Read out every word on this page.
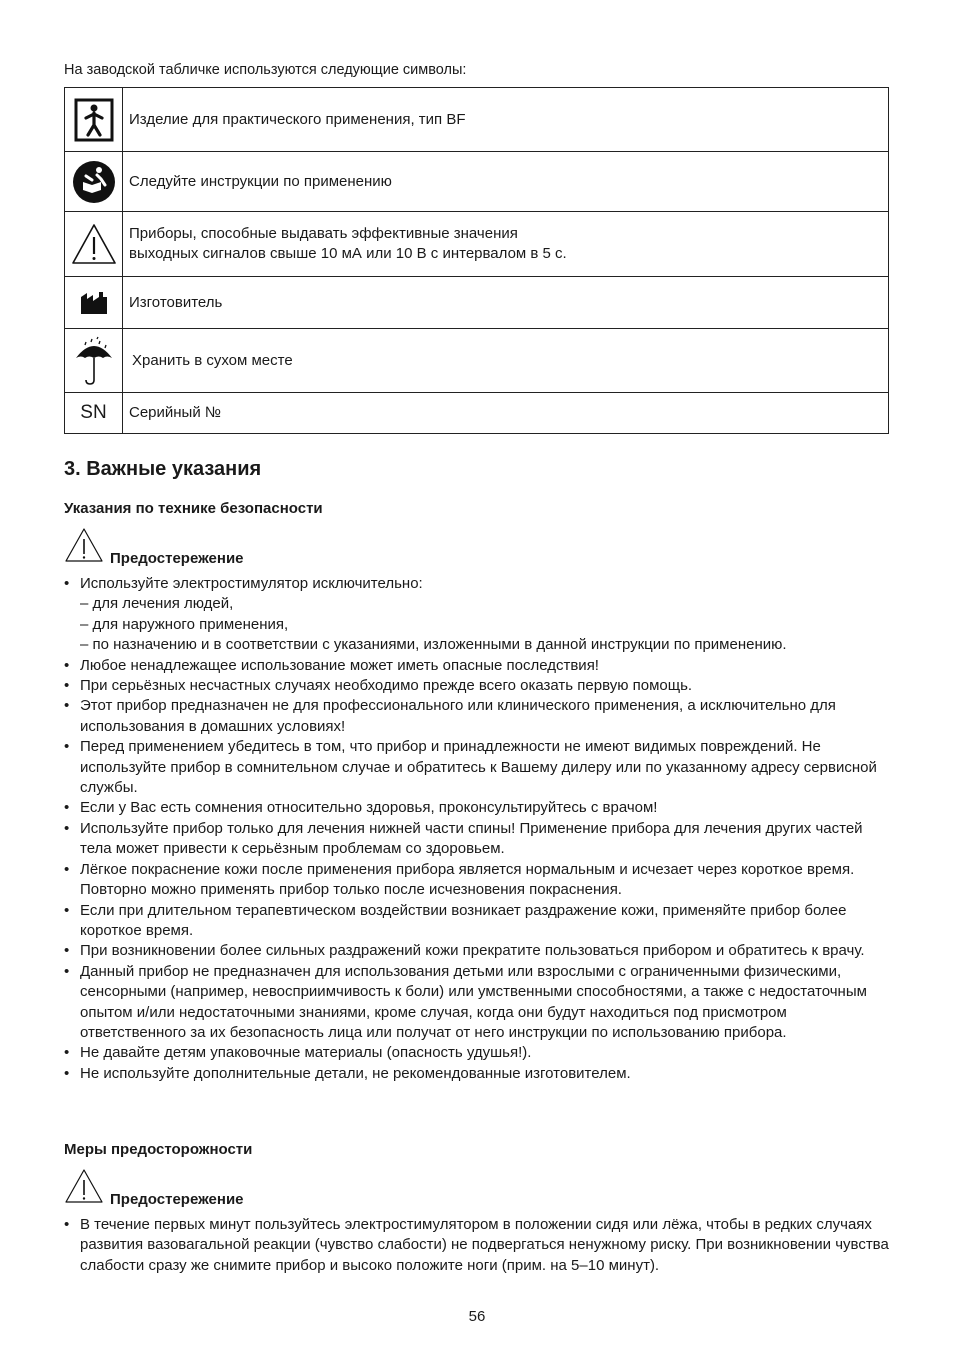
На заводской табличке используются следующие символы:

Изделие для практического применения, тип BF

Следуйте инструкции по применению

Приборы, способные выдавать эффективные значения
выходных сигналов свыше 10 мА или 10 В с интервалом в 5 с.

Изготовитель

Хранить в сухом месте

SN	Серийный №
3. Важные указания
Указания по технике безопасности
Предостережение
• Используйте электростимулятор исключительно:
– для лечения людей,
– для наружного применения,
– по назначению и в соответствии с указаниями, изложенными в данной инструкции по применению.
• Любое ненадлежащее использование может иметь опасные последствия!
• При серьёзных несчастных случаях необходимо прежде всего оказать первую помощь.
• Этот прибор предназначен не для профессионального или клинического применения, а исключительно для использования в домашних условиях!
• Перед применением убедитесь в том, что прибор и принадлежности не имеют видимых повреждений. Не используйте прибор в сомнительном случае и обратитесь к Вашему дилеру или по указанному адресу сервисной службы.
• Если у Вас есть сомнения относительно здоровья, проконсультируйтесь с врачом!
• Используйте прибор только для лечения нижней части спины! Применение прибора для лечения других частей тела может привести к серьёзным проблемам со здоровьем.
• Лёгкое покраснение кожи после применения прибора является нормальным и исчезает через короткое время. Повторно можно применять прибор только после исчезновения покраснения.
• Если при длительном терапевтическом воздействии возникает раздражение кожи, применяйте прибор более короткое время.
• При возникновении более сильных раздражений кожи прекратите пользоваться прибором и обратитесь к врачу.
• Данный прибор не предназначен для использования детьми или взрослыми с ограниченными физическими, сенсорными (например, невосприимчивость к боли) или умственными способностями, а также с недостаточным опытом и/или недостаточными знаниями, кроме случая, когда они будут находиться под присмотром ответственного за их безопасность лица или получат от него инструкции по использованию прибора.
• Не давайте детям упаковочные материалы (опасность удушья!).
• Не используйте дополнительные детали, не рекомендованные изготовителем.
Меры предосторожности
Предостережение
• В течение первых минут пользуйтесь электростимулятором в положении сидя или лёжа, чтобы в редких случаях развития вазовагальной реакции (чувство слабости) не подвергаться ненужному риску. При возникновении чувства слабости сразу же снимите прибор и высоко положите ноги (прим. на 5–10 минут).
56
